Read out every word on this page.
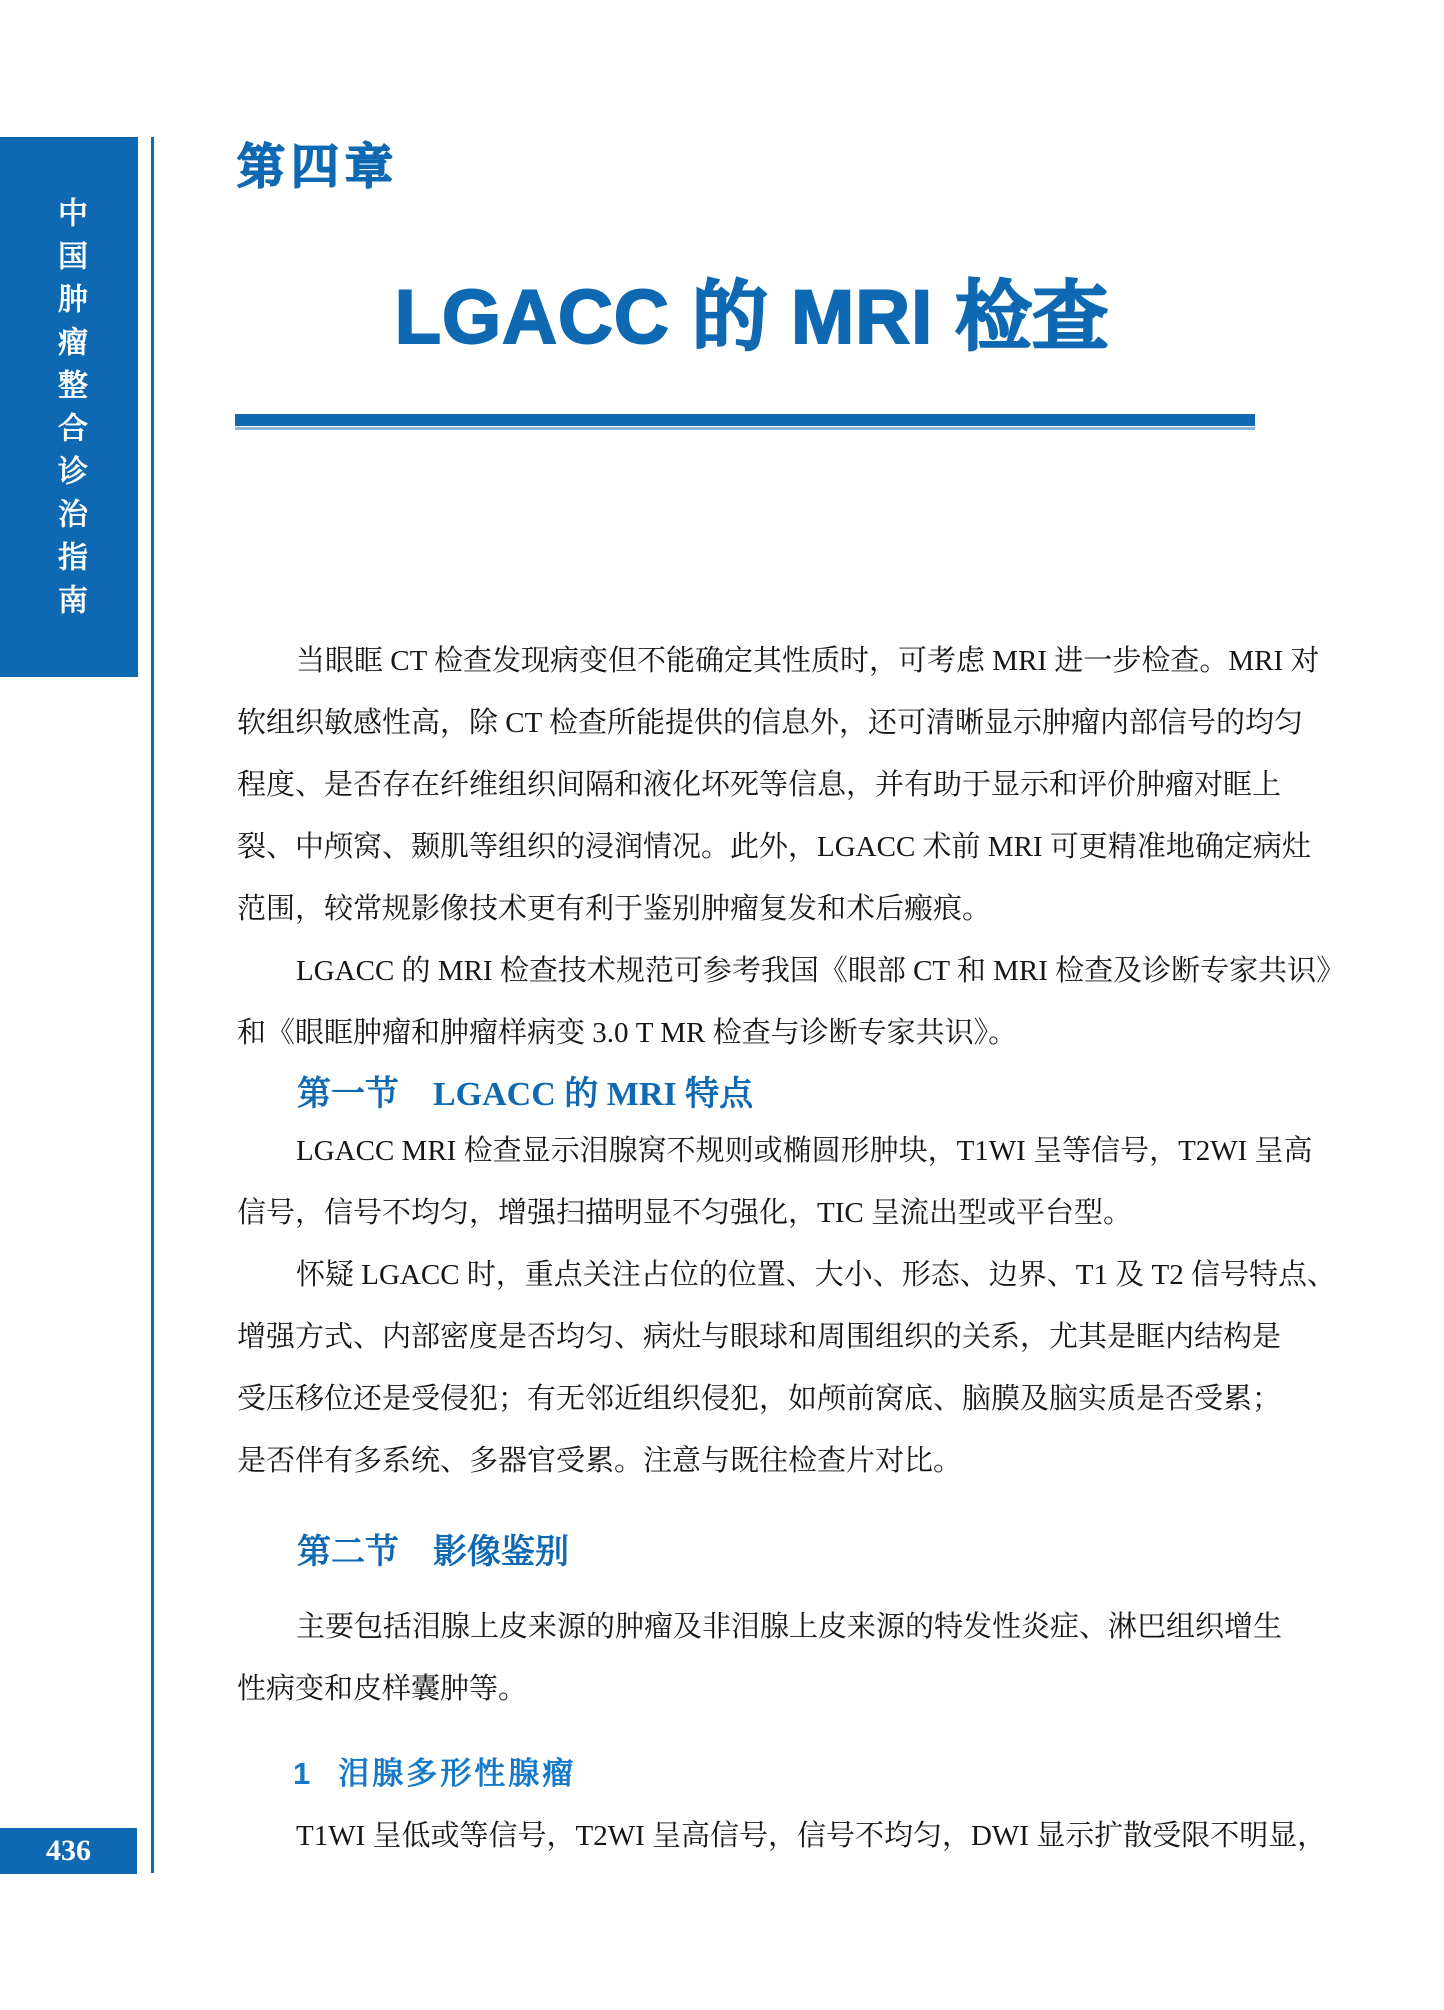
中国肿瘤整合诊治指南
436
第四章
LGACC 的 MRI 检查
当眼眶 CT 检查发现病变但不能确定其性质时，可考虑 MRI 进一步检查。MRI 对
软组织敏感性高，除 CT 检查所能提供的信息外，还可清晰显示肿瘤内部信号的均匀
程度、是否存在纤维组织间隔和液化坏死等信息，并有助于显示和评价肿瘤对眶上
裂、中颅窝、颞肌等组织的浸润情况。此外，LGACC 术前 MRI 可更精准地确定病灶
范围，较常规影像技术更有利于鉴别肿瘤复发和术后瘢痕。
LGACC 的 MRI 检查技术规范可参考我国《眼部 CT 和 MRI 检查及诊断专家共识》
和《眼眶肿瘤和肿瘤样病变 3.0 T MR 检查与诊断专家共识》。
第一节 LGACC 的 MRI 特点
LGACC MRI 检查显示泪腺窝不规则或椭圆形肿块，T1WI 呈等信号，T2WI 呈高
信号，信号不均匀，增强扫描明显不匀强化，TIC 呈流出型或平台型。
怀疑 LGACC 时，重点关注占位的位置、大小、形态、边界、T1 及 T2 信号特点、
增强方式、内部密度是否均匀、病灶与眼球和周围组织的关系，尤其是眶内结构是
受压移位还是受侵犯；有无邻近组织侵犯，如颅前窝底、脑膜及脑实质是否受累；
是否伴有多系统、多器官受累。注意与既往检查片对比。
第二节 影像鉴别
主要包括泪腺上皮来源的肿瘤及非泪腺上皮来源的特发性炎症、淋巴组织增生
性病变和皮样囊肿等。
1 泪腺多形性腺瘤
T1WI 呈低或等信号，T2WI 呈高信号，信号不均匀，DWI 显示扩散受限不明显，
